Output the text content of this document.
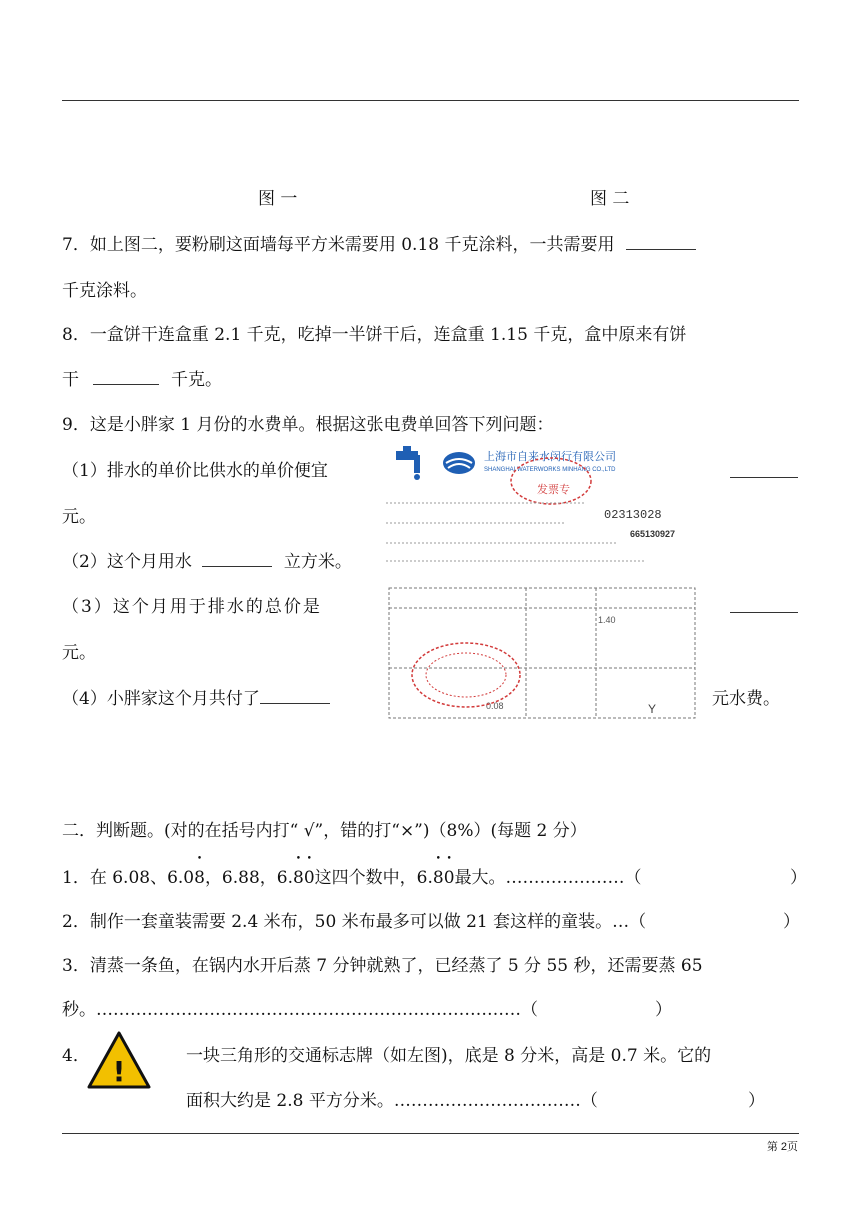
图 一	图 二
7．如上图二，要粉刷这面墙每平方米需要用 0.18 千克涂料，一共需要用
千克涂料。
8．一盒饼干连盒重 2.1 千克，吃掉一半饼干后，连盒重 1.15 千克，盒中原来有饼
干	千克。
9．这是小胖家 1 月份的水费单。根据这张电费单回答下列问题：
（1）排水的单价比供水的单价便宜
元。
（2）这个月用水	立方米。
（3）这个月用于排水的总价是
元。
（4）小胖家这个月共付了	元水费。
上海市自来水闵行有限公司
SHANGHAI WATERWORKS MINHANG CO.,LTD
发票专
02313028
665130927
1.40
0.08	Y
二．判断题。(对的在括号内打“ √”，错的打“×”)（8%）(每题 2 分）
1．在 6.08、6.0• 8，6.88，6.• 8• 0这四个数中，6.• 8• 0最大。…………………（	）
2．制作一套童装需要 2.4 米布，50 米布最多可以做 21 套这样的童装。…（	）
3．清蒸一条鱼，在锅内水开后蒸 7 分钟就熟了，已经蒸了 5 分 55 秒，还需要蒸 65
秒。…………………………………………………………………（	）
4． !	一块三角形的交通标志牌（如左图)，底是 8 分米，高是 0.7 米。它的
面积大约是 2.8 平方分米。……………………………（	）
第 2页
